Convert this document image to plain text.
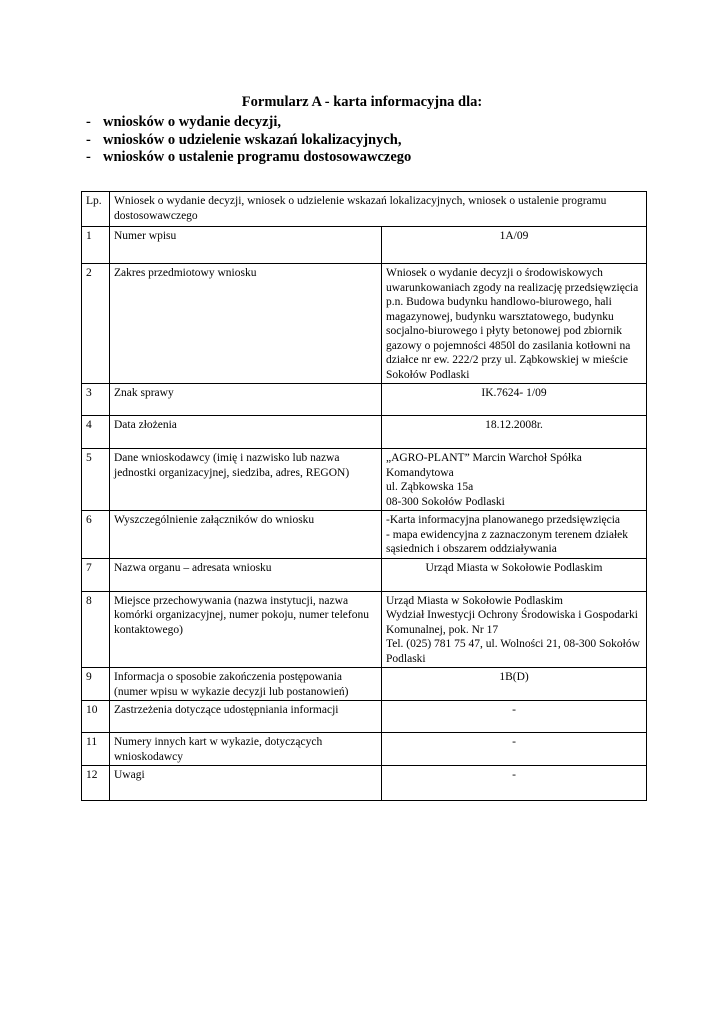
Formularz A - karta informacyjna dla:
- wniosków o wydanie decyzji,
- wniosków o udzielenie wskazań lokalizacyjnych,
- wniosków o ustalenie programu dostosowawczego
Lp.	Wniosek o wydanie decyzji, wniosek o udzielenie wskazań lokalizacyjnych, wniosek o ustalenie programu dostosowawczego	
1	Numer wpisu	1A/09
2	Zakres przedmiotowy wniosku	Wniosek o wydanie decyzji o środowiskowych uwarunkowaniach zgody na realizację przedsięwzięcia p.n. Budowa budynku handlowo-biurowego, hali magazynowej, budynku warsztatowego, budynku socjalno-biurowego i płyty betonowej pod zbiornik gazowy o pojemności 4850l do zasilania kotłowni na działce nr ew. 222/2 przy ul. Ząbkowskiej w mieście Sokołów Podlaski
3	Znak sprawy	IK.7624- 1/09
4	Data złożenia	18.12.2008r.
5	Dane wnioskodawcy (imię i nazwisko lub nazwa jednostki organizacyjnej, siedziba, adres, REGON)	„AGRO-PLANT” Marcin Warchoł Spółka Komandytowa
ul. Ząbkowska 15a
08-300 Sokołów Podlaski
6	Wyszczególnienie załączników do wniosku	-Karta informacyjna planowanego przedsięwzięcia
- mapa ewidencyjna z zaznaczonym terenem działek sąsiednich i obszarem oddziaływania
7	Nazwa organu – adresata wniosku	Urząd Miasta w Sokołowie Podlaskim
8	Miejsce przechowywania (nazwa instytucji, nazwa komórki organizacyjnej, numer pokoju, numer telefonu kontaktowego)	Urząd Miasta w Sokołowie Podlaskim
Wydział Inwestycji Ochrony Środowiska i Gospodarki Komunalnej, pok. Nr 17
Tel. (025) 781 75 47, ul. Wolności 21, 08-300 Sokołów Podlaski
9	Informacja o sposobie zakończenia postępowania (numer wpisu w wykazie decyzji lub postanowień)	1B(D)
10	Zastrzeżenia dotyczące udostępniania informacji	-
11	Numery innych kart w wykazie, dotyczących wnioskodawcy	-
12	Uwagi	-
